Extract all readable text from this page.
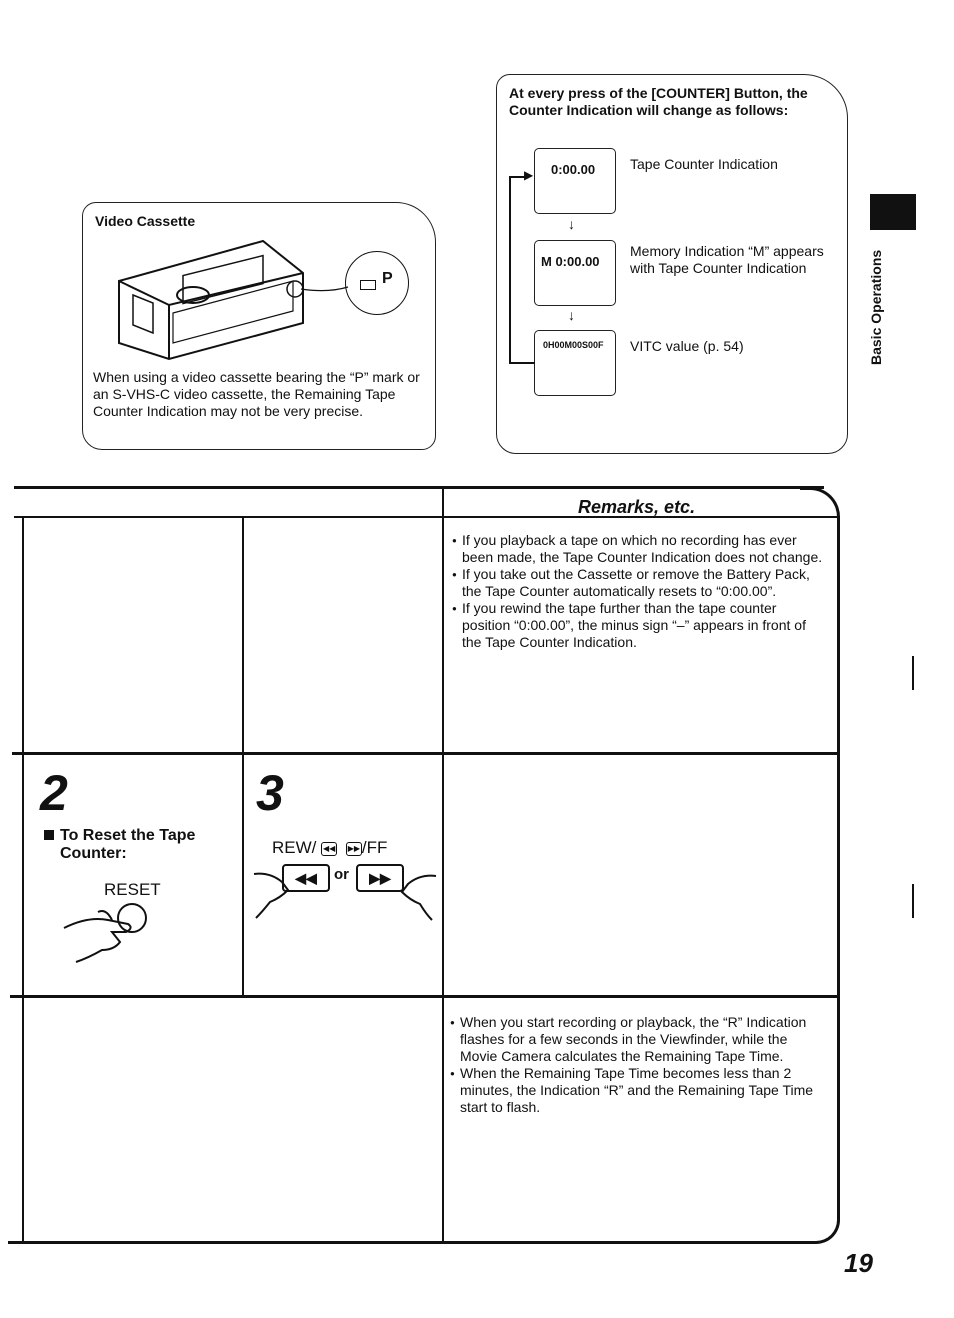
Video Cassette
P
When using a video cassette bearing the “P” mark or an S-VHS-C video cassette, the Remaining Tape Counter Indication may not be very precise.
At every press of the [COUNTER] Button, the Counter Indication will change as follows:
0:00.00 Tape Counter Indication
↓
M 0:00.00
Memory Indication “M” appears with Tape Counter Indication
↓
0H00M00S00F VITC value (p. 54)
▶
Basic Operations
Remarks, etc.
● If you playback a tape on which no recording has ever been made, the Tape Counter Indication does not change.
● If you take out the Cassette or remove the Battery Pack, the Tape Counter automatically resets to “0:00.00”.
● If you rewind the tape further than the tape counter position “0:00.00”, the minus sign “–” appears in front of the Tape Counter Indication.
2
To Reset the Tape Counter:
RESET
3
REW/ ◀◀ ▶▶ /FF
◀◀	or	▶▶
● When you start recording or playback, the “R” Indication flashes for a few seconds in the Viewfinder, while the Movie Camera calculates the Remaining Tape Time.
● When the Remaining Tape Time becomes less than 2 minutes, the Indication “R” and the Remaining Tape Time start to flash.
19
